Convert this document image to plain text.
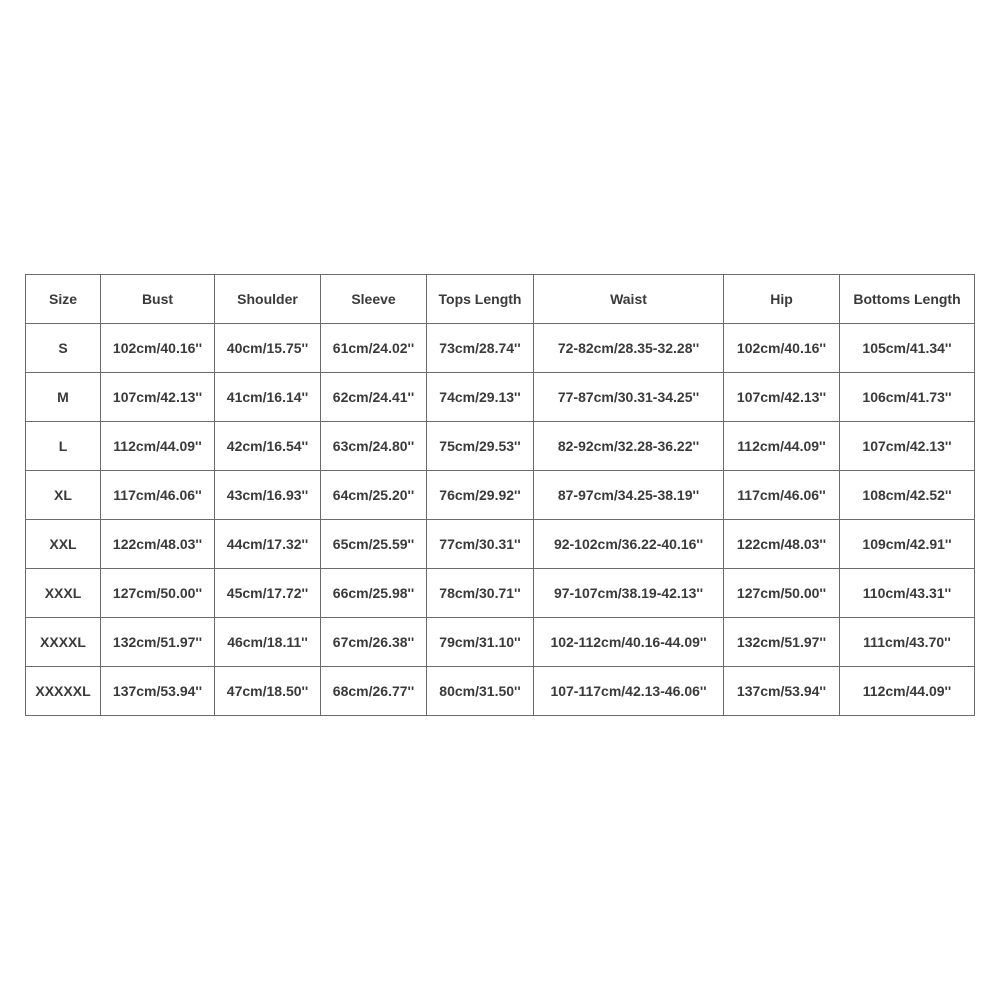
Size	Bust	Shoulder	Sleeve	Tops Length	Waist	Hip	Bottoms Length
S	102cm/40.16''	40cm/15.75''	61cm/24.02''	73cm/28.74''	72-82cm/28.35-32.28''	102cm/40.16''	105cm/41.34''
M	107cm/42.13''	41cm/16.14''	62cm/24.41''	74cm/29.13''	77-87cm/30.31-34.25''	107cm/42.13''	106cm/41.73''
L	112cm/44.09''	42cm/16.54''	63cm/24.80''	75cm/29.53''	82-92cm/32.28-36.22''	112cm/44.09''	107cm/42.13''
XL	117cm/46.06''	43cm/16.93''	64cm/25.20''	76cm/29.92''	87-97cm/34.25-38.19''	117cm/46.06''	108cm/42.52''
XXL	122cm/48.03''	44cm/17.32''	65cm/25.59''	77cm/30.31''	92-102cm/36.22-40.16''	122cm/48.03''	109cm/42.91''
XXXL	127cm/50.00''	45cm/17.72''	66cm/25.98''	78cm/30.71''	97-107cm/38.19-42.13''	127cm/50.00''	110cm/43.31''
XXXXL	132cm/51.97''	46cm/18.11''	67cm/26.38''	79cm/31.10''	102-112cm/40.16-44.09''	132cm/51.97''	111cm/43.70''
XXXXXL	137cm/53.94''	47cm/18.50''	68cm/26.77''	80cm/31.50''	107-117cm/42.13-46.06''	137cm/53.94''	112cm/44.09''
